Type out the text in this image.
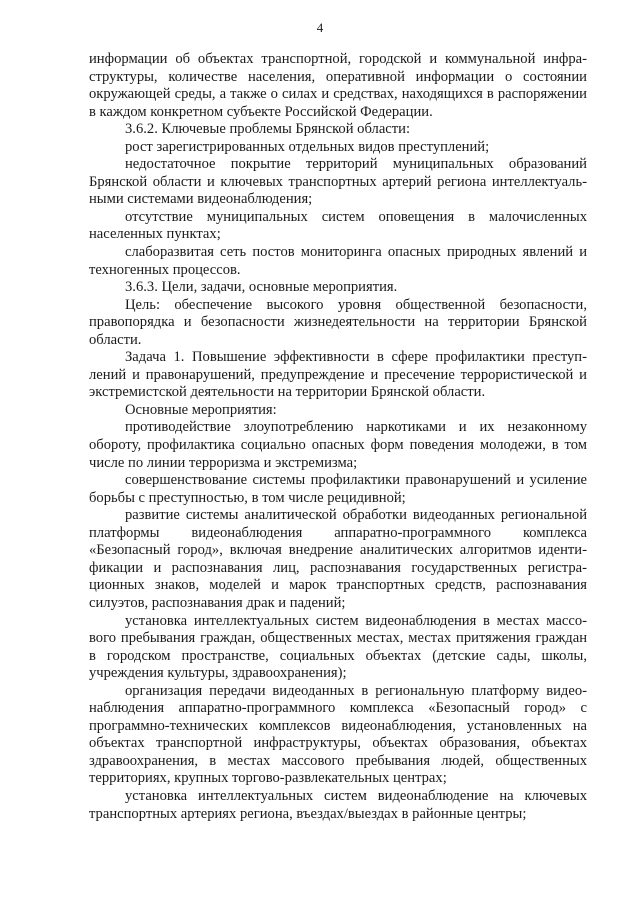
4

информации об объектах транспортной, городской и коммунальной инфраструктуры, количестве населения, оперативной информации о состоянии окружающей среды, а также о силах и средствах, находящихся в распоряжении в каждом конкретном субъекте Российской Федерации.

3.6.2. Ключевые проблемы Брянской области:

рост зарегистрированных отдельных видов преступлений;

недостаточное покрытие территорий муниципальных образований Брянской области и ключевых транспортных артерий региона интеллектуальными системами видеонаблюдения;

отсутствие муниципальных систем оповещения в малочисленных населенных пунктах;

слаборазвитая сеть постов мониторинга опасных природных явлений и техногенных процессов.

3.6.3. Цели, задачи, основные мероприятия.

Цель: обеспечение высокого уровня общественной безопасности, правопорядка и безопасности жизнедеятельности на территории Брянской области.

Задача 1. Повышение эффективности в сфере профилактики преступлений и правонарушений, предупреждение и пресечение террористической и экстремистской деятельности на территории Брянской области.

Основные мероприятия:

противодействие злоупотреблению наркотиками и их незаконному обороту, профилактика социально опасных форм поведения молодежи, в том числе по линии терроризма и экстремизма;

совершенствование системы профилактики правонарушений и усиление борьбы с преступностью, в том числе рецидивной;

развитие системы аналитической обработки видеоданных региональной платформы видеонаблюдения аппаратно-программного комплекса «Безопасный город», включая внедрение аналитических алгоритмов идентификации и распознавания лиц, распознавания государственных регистрационных знаков, моделей и марок транспортных средств, распознавания силуэтов, распознавания драк и падений;

установка интеллектуальных систем видеонаблюдения в местах массового пребывания граждан, общественных местах, местах притяжения граждан в городском пространстве, социальных объектах (детские сады, школы, учреждения культуры, здравоохранения);

организация передачи видеоданных в региональную платформу видеонаблюдения аппаратно-программного комплекса «Безопасный город» с программно-технических комплексов видеонаблюдения, установленных на объектах транспортной инфраструктуры, объектах образования, объектах здравоохранения, в местах массового пребывания людей, общественных территориях, крупных торгово-развлекательных центрах;

установка интеллектуальных систем видеонаблюдение на ключевых транспортных артериях региона, въездах/выездах в районные центры;
